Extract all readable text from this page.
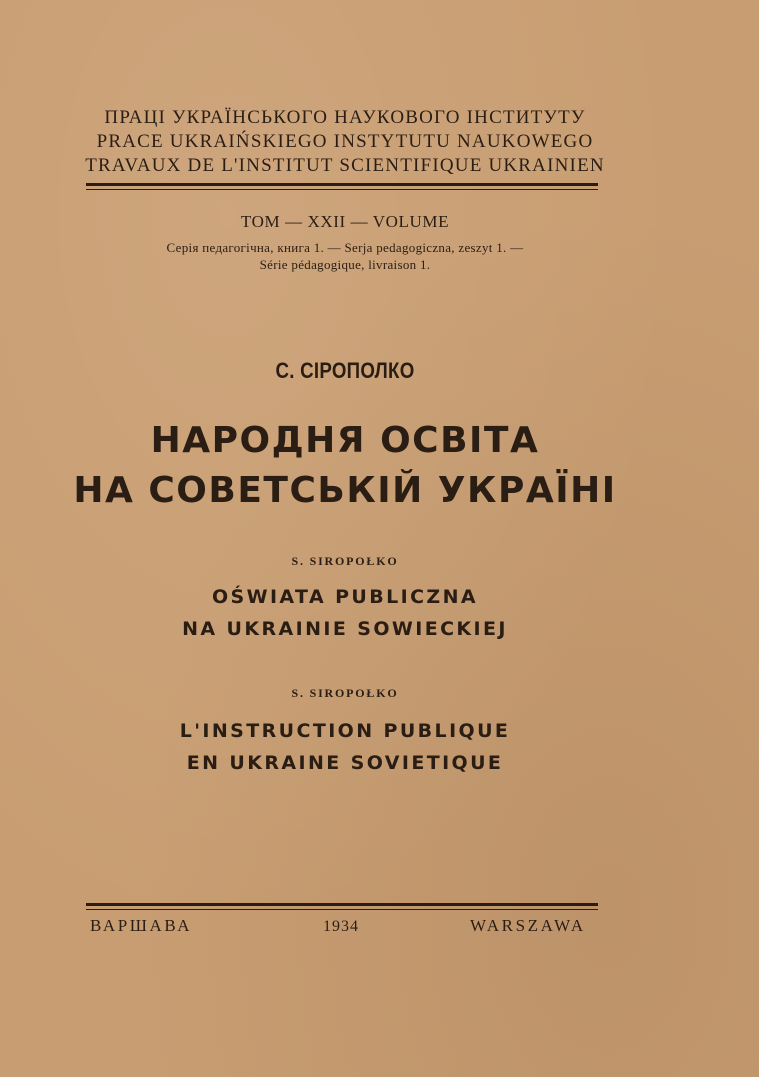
ПРАЦІ УКРАЇНСЬКОГО НАУКОВОГО ІНСТИТУТУ
PRACE UKRAIŃSKIEGO INSTYTUTU NAUKOWEGO
TRAVAUX DE L'INSTITUT SCIENTIFIQUE UKRAINIEN
ТОМ — XXII — VOLUME
Серія педагогічна, книга 1. — Serja pedagogiczna, zeszyt 1. —
Série pédagogique, livraison 1.
С. СІРОПОЛКО
НАРОДНЯ ОСВІТА
НА СОВЕТСЬКІЙ УКРАЇНІ
S. SIROPOŁKO
OŚWIATA PUBLICZNA
NA UKRAINIE SOWIECKIEJ
S. SIROPOŁKO
L'INSTRUCTION PUBLIQUE
EN UKRAINE SOVIETIQUE
ВАРШАВА	1934	WARSZAWA
